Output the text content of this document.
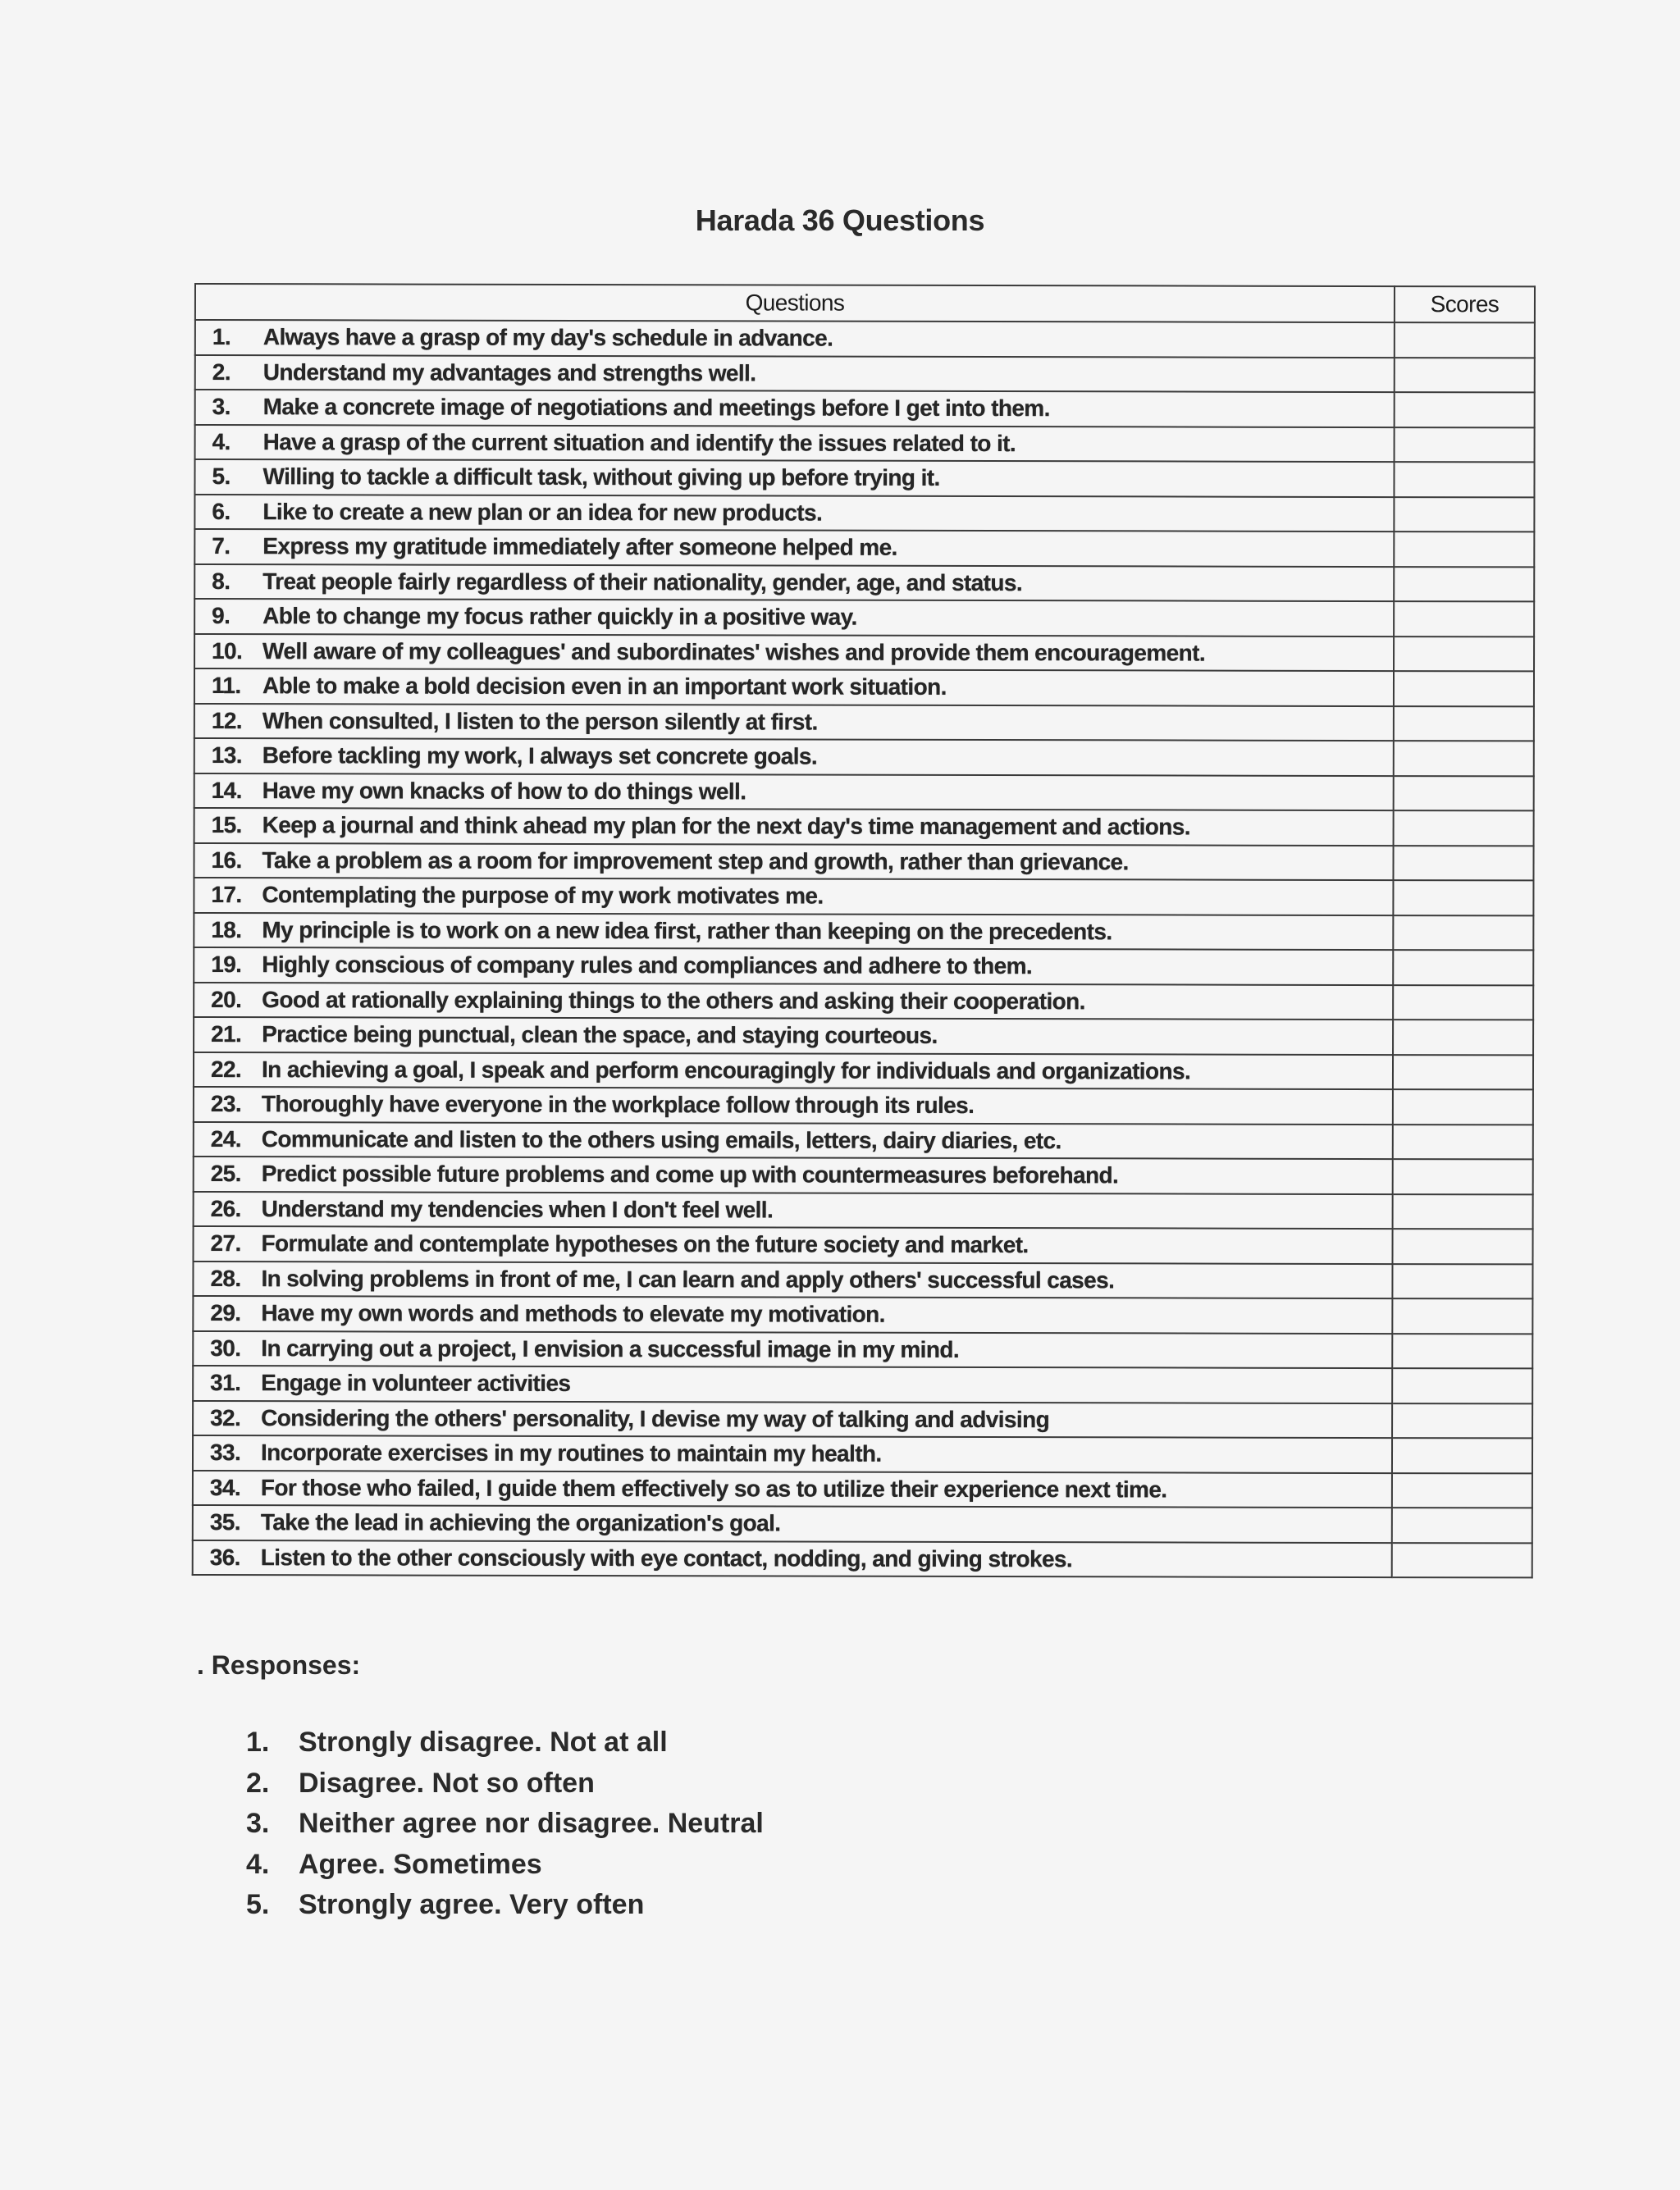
Harada 36 Questions
Questions	Scores
1. Always have a grasp of my day's schedule in advance.	
2. Understand my advantages and strengths well.	
3. Make a concrete image of negotiations and meetings before I get into them.	
4. Have a grasp of the current situation and identify the issues related to it.	
5. Willing to tackle a difficult task, without giving up before trying it.	
6. Like to create a new plan or an idea for new products.	
7. Express my gratitude immediately after someone helped me.	
8. Treat people fairly regardless of their nationality, gender, age, and status.	
9. Able to change my focus rather quickly in a positive way.	
10. Well aware of my colleagues' and subordinates' wishes and provide them encouragement.	
11. Able to make a bold decision even in an important work situation.	
12. When consulted, I listen to the person silently at first.	
13. Before tackling my work, I always set concrete goals.	
14. Have my own knacks of how to do things well.	
15. Keep a journal and think ahead my plan for the next day's time management and actions.	
16. Take a problem as a room for improvement step and growth, rather than grievance.	
17. Contemplating the purpose of my work motivates me.	
18. My principle is to work on a new idea first, rather than keeping on the precedents.	
19. Highly conscious of company rules and compliances and adhere to them.	
20. Good at rationally explaining things to the others and asking their cooperation.	
21. Practice being punctual, clean the space, and staying courteous.	
22. In achieving a goal, I speak and perform encouragingly for individuals and organizations.	
23. Thoroughly have everyone in the workplace follow through its rules.	
24. Communicate and listen to the others using emails, letters, dairy diaries, etc.	
25. Predict possible future problems and come up with countermeasures beforehand.	
26. Understand my tendencies when I don't feel well.	
27. Formulate and contemplate hypotheses on the future society and market.	
28. In solving problems in front of me, I can learn and apply others' successful cases.	
29. Have my own words and methods to elevate my motivation.	
30. In carrying out a project, I envision a successful image in my mind.	
31. Engage in volunteer activities	
32. Considering the others' personality, I devise my way of talking and advising	
33. Incorporate exercises in my routines to maintain my health.	
34. For those who failed, I guide them effectively so as to utilize their experience next time.	
35. Take the lead in achieving the organization's goal.	
36. Listen to the other consciously with eye contact, nodding, and giving strokes.	
. Responses:
1. Strongly disagree. Not at all
2. Disagree. Not so often
3. Neither agree nor disagree. Neutral
4. Agree. Sometimes
5. Strongly agree. Very often
